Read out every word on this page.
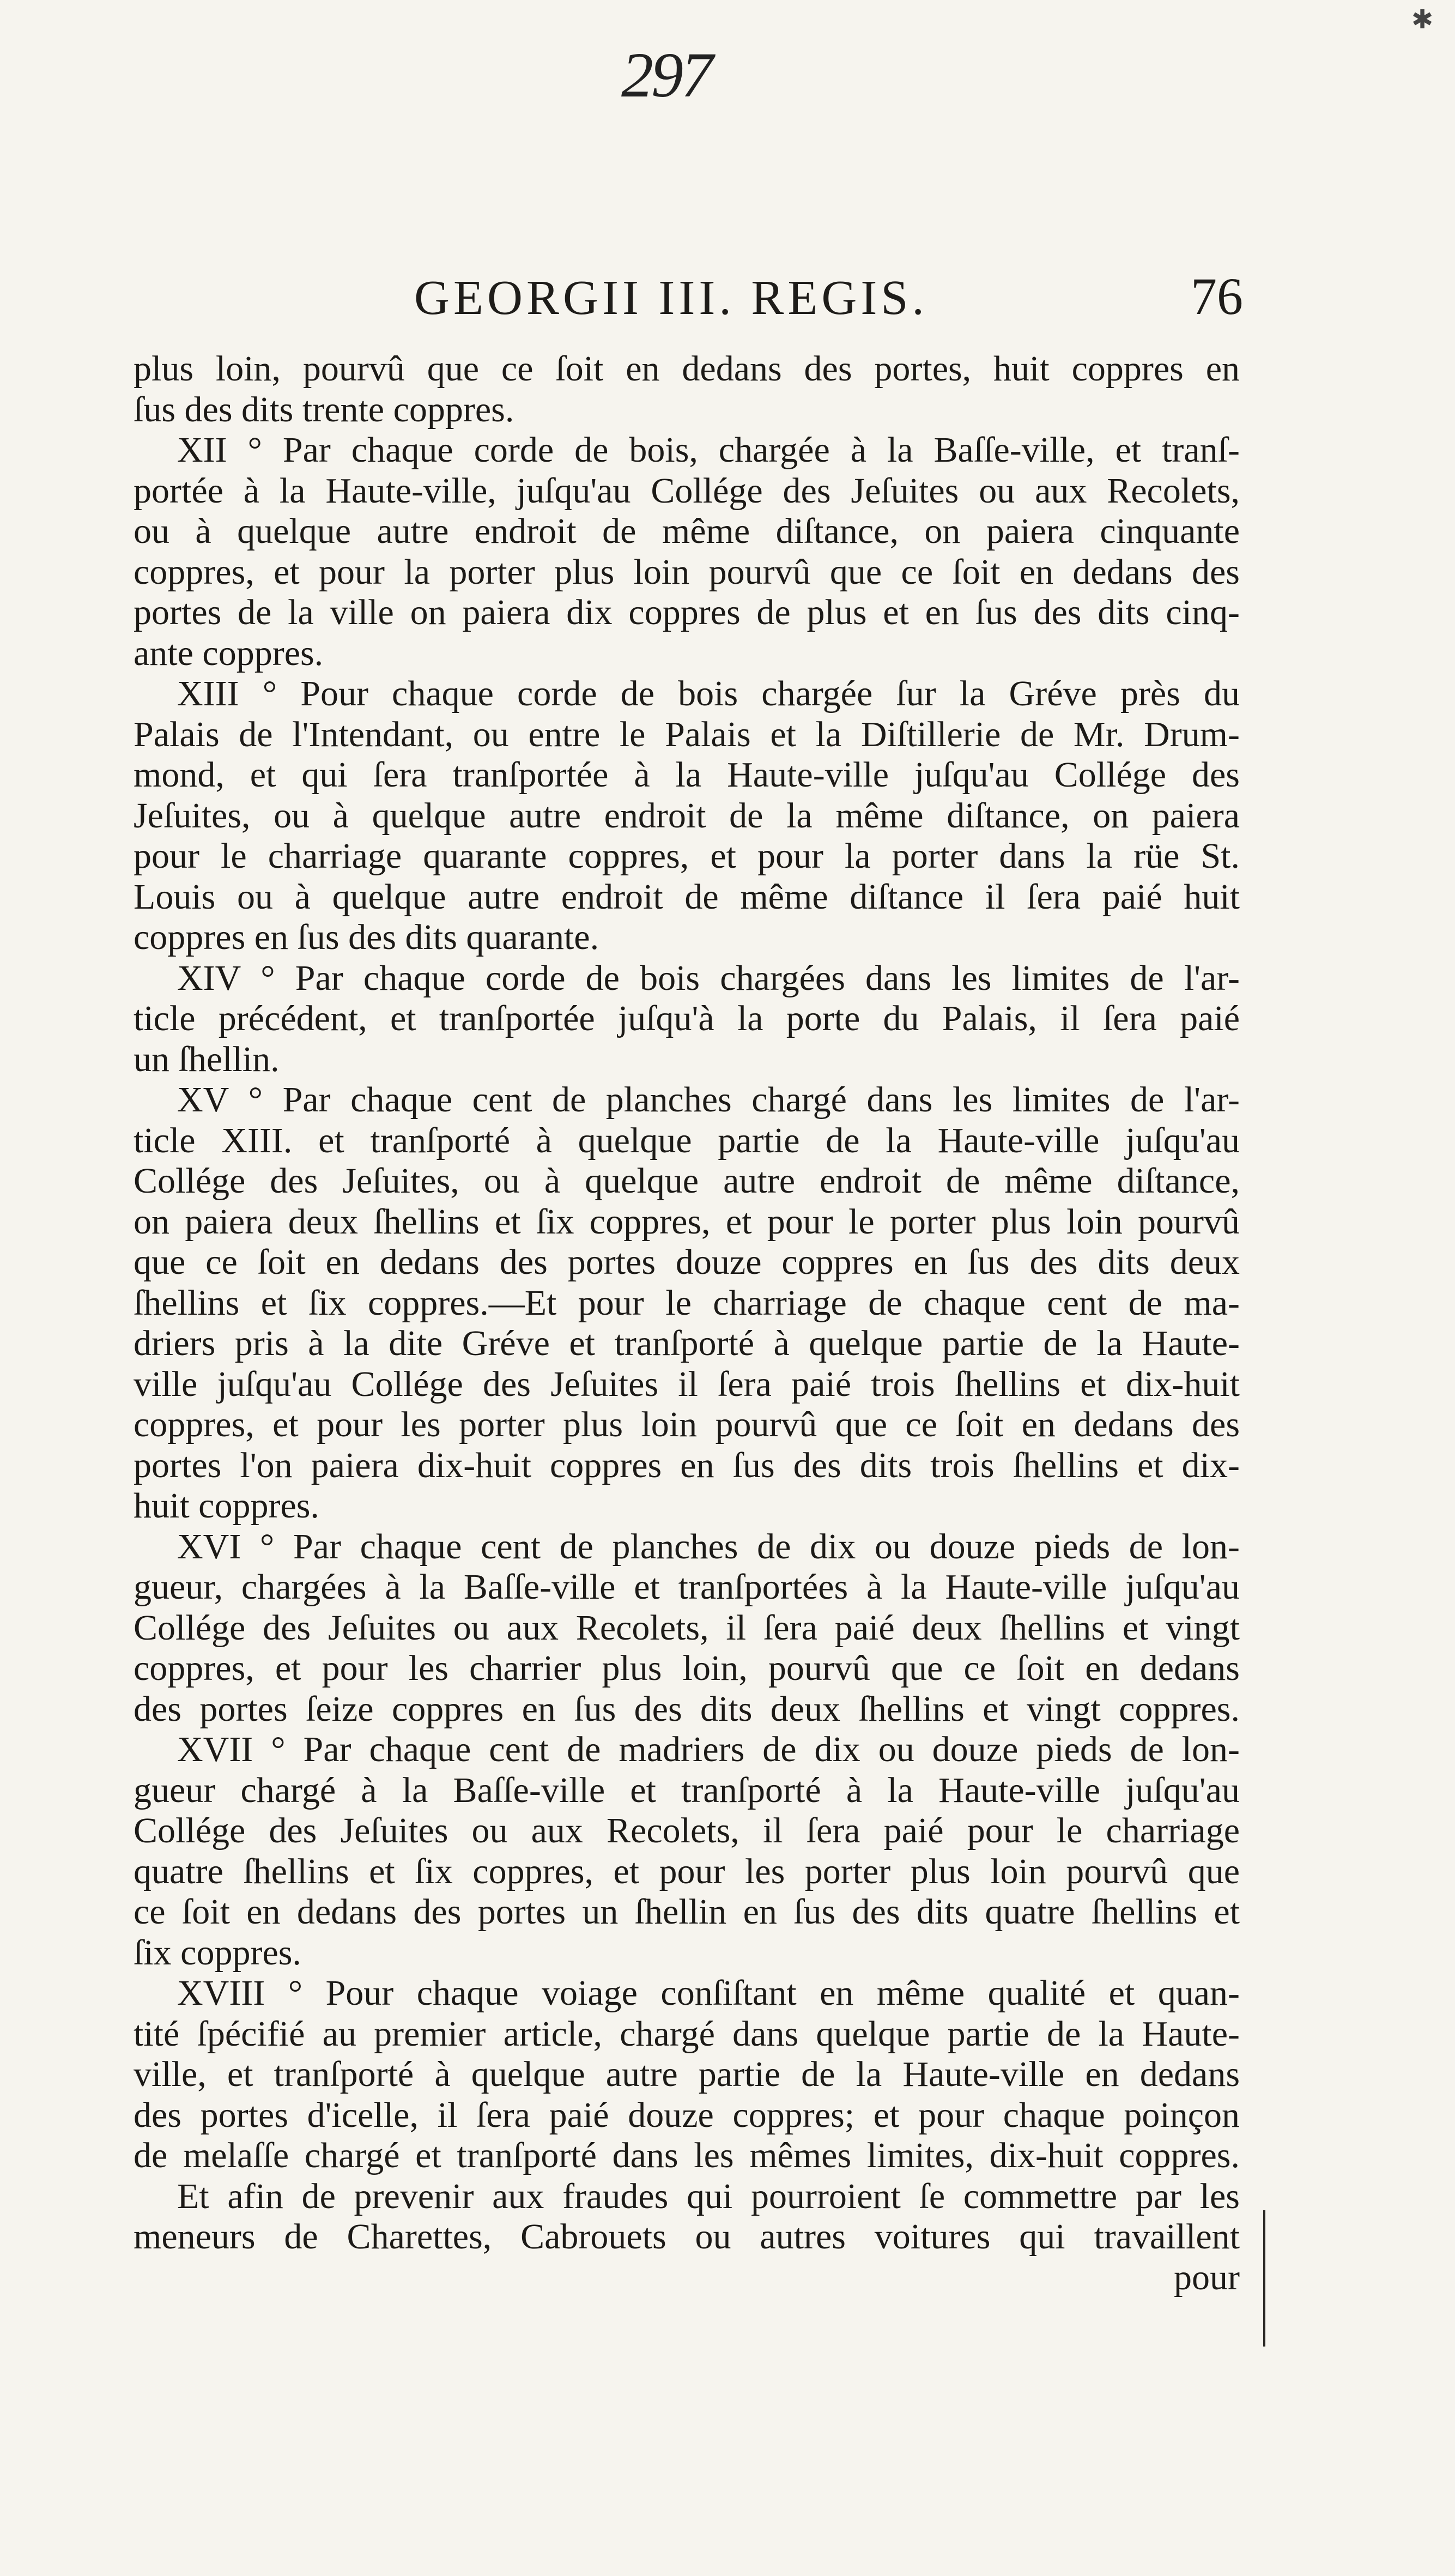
✱
297
GEORGII III. REGIS.	76
plus loin, pourvû que ce ſoit en dedans des portes, huit coppres en
ſus des dits trente coppres.
XII ° Par chaque corde de bois, chargée à la Baſſe-ville, et tranſ-
portée à la Haute-ville, juſqu'au Collége des Jeſuites ou aux Recolets,
ou à quelque autre endroit de même diſtance, on paiera cinquante
coppres, et pour la porter plus loin pourvû que ce ſoit en dedans des
portes de la ville on paiera dix coppres de plus et en ſus des dits cinq-
ante coppres.
XIII ° Pour chaque corde de bois chargée ſur la Gréve près du
Palais de l'Intendant, ou entre le Palais et la Diſtillerie de Mr. Drum-
mond, et qui ſera tranſportée à la Haute-ville juſqu'au Collége des
Jeſuites, ou à quelque autre endroit de la même diſtance, on paiera
pour le charriage quarante coppres, et pour la porter dans la rüe St.
Louis ou à quelque autre endroit de même diſtance il ſera paié huit
coppres en ſus des dits quarante.
XIV ° Par chaque corde de bois chargées dans les limites de l'ar-
ticle précédent, et tranſportée juſqu'à la porte du Palais, il ſera paié
un ſhellin.
XV ° Par chaque cent de planches chargé dans les limites de l'ar-
ticle XIII. et tranſporté à quelque partie de la Haute-ville juſqu'au
Collége des Jeſuites, ou à quelque autre endroit de même diſtance,
on paiera deux ſhellins et ſix coppres, et pour le porter plus loin pourvû
que ce ſoit en dedans des portes douze coppres en ſus des dits deux
ſhellins et ſix coppres.—Et pour le charriage de chaque cent de ma-
driers pris à la dite Gréve et tranſporté à quelque partie de la Haute-
ville juſqu'au Collége des Jeſuites il ſera paié trois ſhellins et dix-huit
coppres, et pour les porter plus loin pourvû que ce ſoit en dedans des
portes l'on paiera dix-huit coppres en ſus des dits trois ſhellins et dix-
huit coppres.
XVI ° Par chaque cent de planches de dix ou douze pieds de lon-
gueur, chargées à la Baſſe-ville et tranſportées à la Haute-ville juſqu'au
Collége des Jeſuites ou aux Recolets, il ſera paié deux ſhellins et vingt
coppres, et pour les charrier plus loin, pourvû que ce ſoit en dedans
des portes ſeize coppres en ſus des dits deux ſhellins et vingt coppres.
XVII ° Par chaque cent de madriers de dix ou douze pieds de lon-
gueur chargé à la Baſſe-ville et tranſporté à la Haute-ville juſqu'au
Collége des Jeſuites ou aux Recolets, il ſera paié pour le charriage
quatre ſhellins et ſix coppres, et pour les porter plus loin pourvû que
ce ſoit en dedans des portes un ſhellin en ſus des dits quatre ſhellins et
ſix coppres.
XVIII ° Pour chaque voiage conſiſtant en même qualité et quan-
tité ſpécifié au premier article, chargé dans quelque partie de la Haute-
ville, et tranſporté à quelque autre partie de la Haute-ville en dedans
des portes d'icelle, il ſera paié douze coppres; et pour chaque poinçon
de melaſſe chargé et tranſporté dans les mêmes limites, dix-huit coppres.
Et afin de prevenir aux fraudes qui pourroient ſe commettre par les
meneurs de Charettes, Cabrouets ou autres voitures qui travaillent
pour
